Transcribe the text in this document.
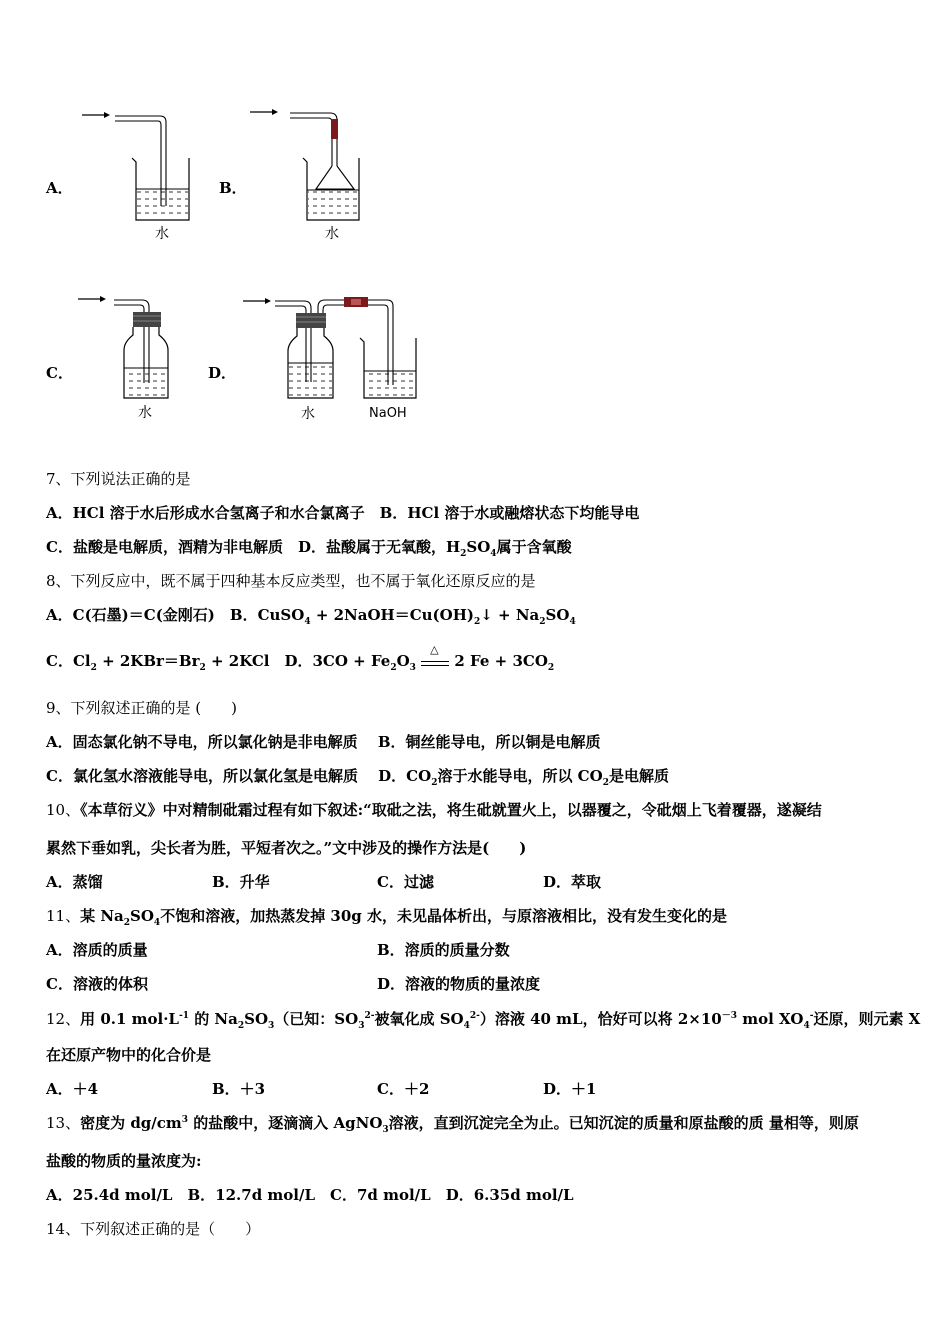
A．	B．
C．	D．
水	水
水	水	NaOH
7、下列说法正确的是
A．HCl 溶于水后形成水合氢离子和水合氯离子　B．HCl 溶于水或融熔状态下均能导电
C．盐酸是电解质，酒精为非电解质　D．盐酸属于无氧酸，$H_2SO_4$属于含氧酸
8、下列反应中，既不属于四种基本反应类型，也不属于氧化还原反应的是
A．C(石墨)＝C(金刚石)　B．CuSO$_4$ + $2NaOH=Cu(OH)_2↓ + Na_2SO_4$
C．$Cl_2 + 2KBr=Br_2 + 2KCl$　D．$3CO + Fe_2O_3$
△
2 $Fe + 3CO_2$
9、下列叙述正确的是 (　　)
A．固态氯化钠不导电，所以氯化钠是非电解质　 B．铜丝能导电，所以铜是电解质
C．氯化氢水溶液能导电，所以氯化氢是电解质　 D．$CO_2$溶于水能导电，所以 $CO_2$是电解质
10、《本草衍义》中对精制砒霜过程有如下叙述:“取砒之法，将生砒就置火上，以器覆之，令砒烟上飞着覆器，遂凝结
累然下垂如乳，尖长者为胜，平短者次之。”文中涉及的操作方法是(　　)
A．蒸馏	B．升华	C．过滤	D．萃取
11、某 $Na_2SO_4$不饱和溶液，加热蒸发掉 30g 水，未见晶体析出，与原溶液相比，没有发生变化的是
A．溶质的质量	B．溶质的质量分数
C．溶液的体积	D．溶液的物质的量浓度
12、用 0.1 $mol\cdot L^{-1}$ 的 $Na_2SO_3$（已知：$SO_3^{2-}$被氧化成 $SO_4^{2-}$）溶液 40 mL，恰好可以将 $2\times 10^{-3}$ mol $XO_4^-$还原，则元素 X
在还原产物中的化合价是
A．＋4	B．＋3	C．＋2	D．＋1
13、密度为 $dg/cm^3$ 的盐酸中，逐滴滴入 AgNO$_3$溶液，直到沉淀完全为止。已知沉淀的质量和原盐酸的质 量相等，则原
盐酸的物质的量浓度为:
A．25.4d mol/L　B．12.7d mol/L　C．7d mol/L　D．6.35d mol/L
14、下列叙述正确的是（　　）
